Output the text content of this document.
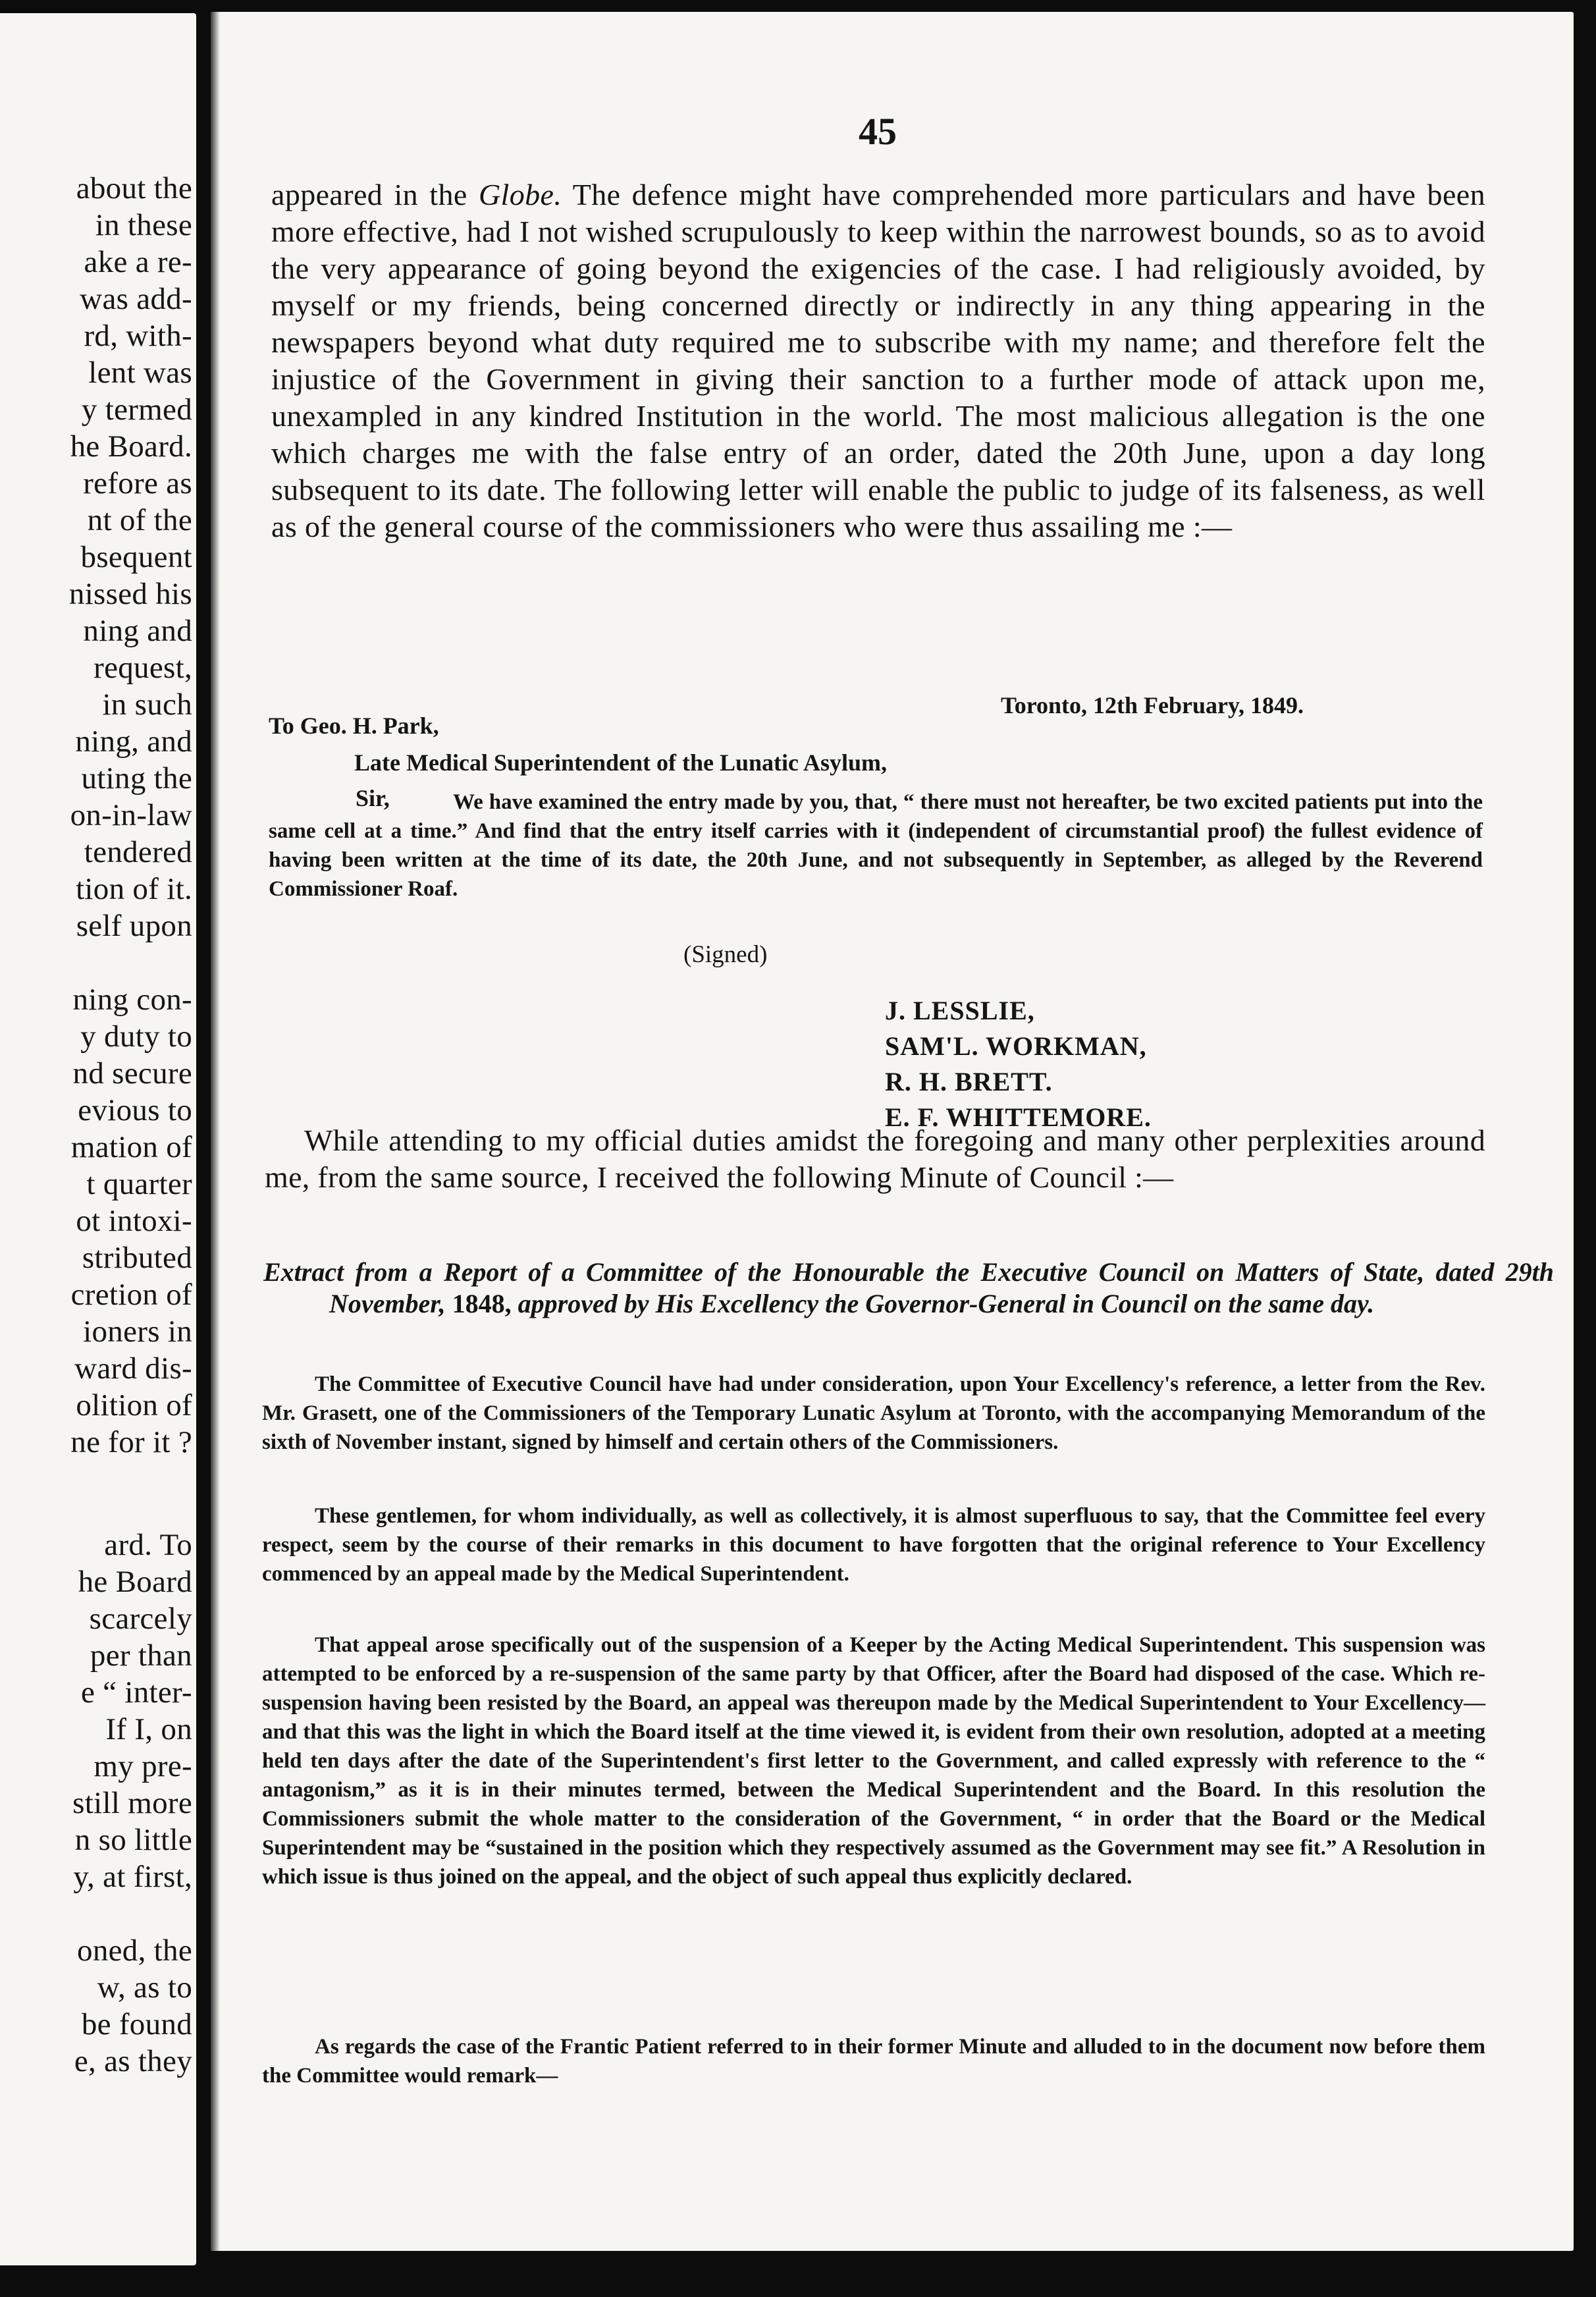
about the
in these
ake a re-
was add-
rd, with-
lent was
y termed
he Board.
refore as
nt of the
bsequent
nissed his
ning and
request,
in such
ning, and
uting the
on-in-law
tendered
tion of it.
self upon

ning con-
y duty to
nd secure
evious to
mation of
t quarter
ot intoxi-
stributed
cretion of
ioners in
ward dis-
olition of
ne for it ?
ard. To
he Board
scarcely
per than
e “ inter-
If I, on
my pre-
still more
n so little
y, at first,

oned, the
w, as to
be found
e, as they
45
appeared in the Globe. The defence might have comprehended more particulars and have been more effective, had I not wished scrupulously to keep within the narrowest bounds, so as to avoid the very appearance of going beyond the exigencies of the case. I had religiously avoided, by myself or my friends, being concerned directly or indirectly in any thing appearing in the newspapers beyond what duty required me to subscribe with my name; and therefore felt the injustice of the Government in giving their sanction to a further mode of attack upon me, unexampled in any kindred Institution in the world. The most malicious allegation is the one which charges me with the false entry of an order, dated the 20th June, upon a day long subsequent to its date. The following letter will enable the public to judge of its falseness, as well as of the general course of the commissioners who were thus assailing me :—
Toronto, 12th February, 1849.
To Geo. H. Park,
Late Medical Superintendent of the Lunatic Asylum,
Sir,	We have examined the entry made by you, that, “ there must not hereafter, be two excited patients put into the same cell at a time.” And find that the entry itself carries with it (independent of circumstantial proof) the fullest evidence of having been written at the time of its date, the 20th June, and not subsequently in September, as alleged by the Reverend Commissioner Roaf.
(Signed)
J. LESSLIE,
SAM'L. WORKMAN,
R. H. BRETT.
E. F. WHITTEMORE.
While attending to my official duties amidst the foregoing and many other perplexities around me, from the same source, I received the following Minute of Council :—
Extract from a Report of a Committee of the Honourable the Executive Council on Matters of State, dated 29th November, 1848, approved by His Excellency the Governor-General in Council on the same day.
The Committee of Executive Council have had under consideration, upon Your Excellency's reference, a letter from the Rev. Mr. Grasett, one of the Commissioners of the Temporary Lunatic Asylum at Toronto, with the accompanying Memorandum of the sixth of November instant, signed by himself and certain others of the Commissioners.
These gentlemen, for whom individually, as well as collectively, it is almost superfluous to say, that the Committee feel every respect, seem by the course of their remarks in this document to have forgotten that the original reference to Your Excellency commenced by an appeal made by the Medical Superintendent.
That appeal arose specifically out of the suspension of a Keeper by the Acting Medical Superintendent. This suspension was attempted to be enforced by a re-suspension of the same party by that Officer, after the Board had disposed of the case. Which re-suspension having been resisted by the Board, an appeal was thereupon made by the Medical Superintendent to Your Excellency—and that this was the light in which the Board itself at the time viewed it, is evident from their own resolution, adopted at a meeting held ten days after the date of the Superintendent's first letter to the Government, and called expressly with reference to the “ antagonism,” as it is in their minutes termed, between the Medical Superintendent and the Board. In this resolution the Commissioners submit the whole matter to the consideration of the Government, “ in order that the Board or the Medical Superintendent may be “sustained in the position which they respectively assumed as the Government may see fit.” A Resolution in which issue is thus joined on the appeal, and the object of such appeal thus explicitly declared.
As regards the case of the Frantic Patient referred to in their former Minute and alluded to in the document now before them the Committee would remark—
